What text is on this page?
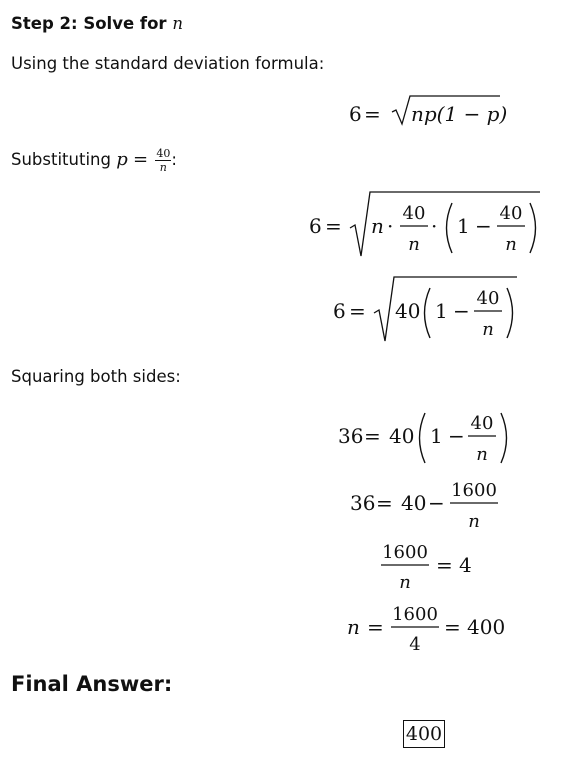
Step 2: Solve for n
Using the standard deviation formula:
Substituting $p = \frac{40}{n}$ :
Squaring both sides:
Final Answer:
6 = np(1 − p)
6 = n ·
40
n
· 1 −
40
n
6 = 40 1 −
40
n
36 = 40 1 −
40
n
36 = 40 −
1600
n
1600
n
= 4
n =
1600
4
= 400
400
